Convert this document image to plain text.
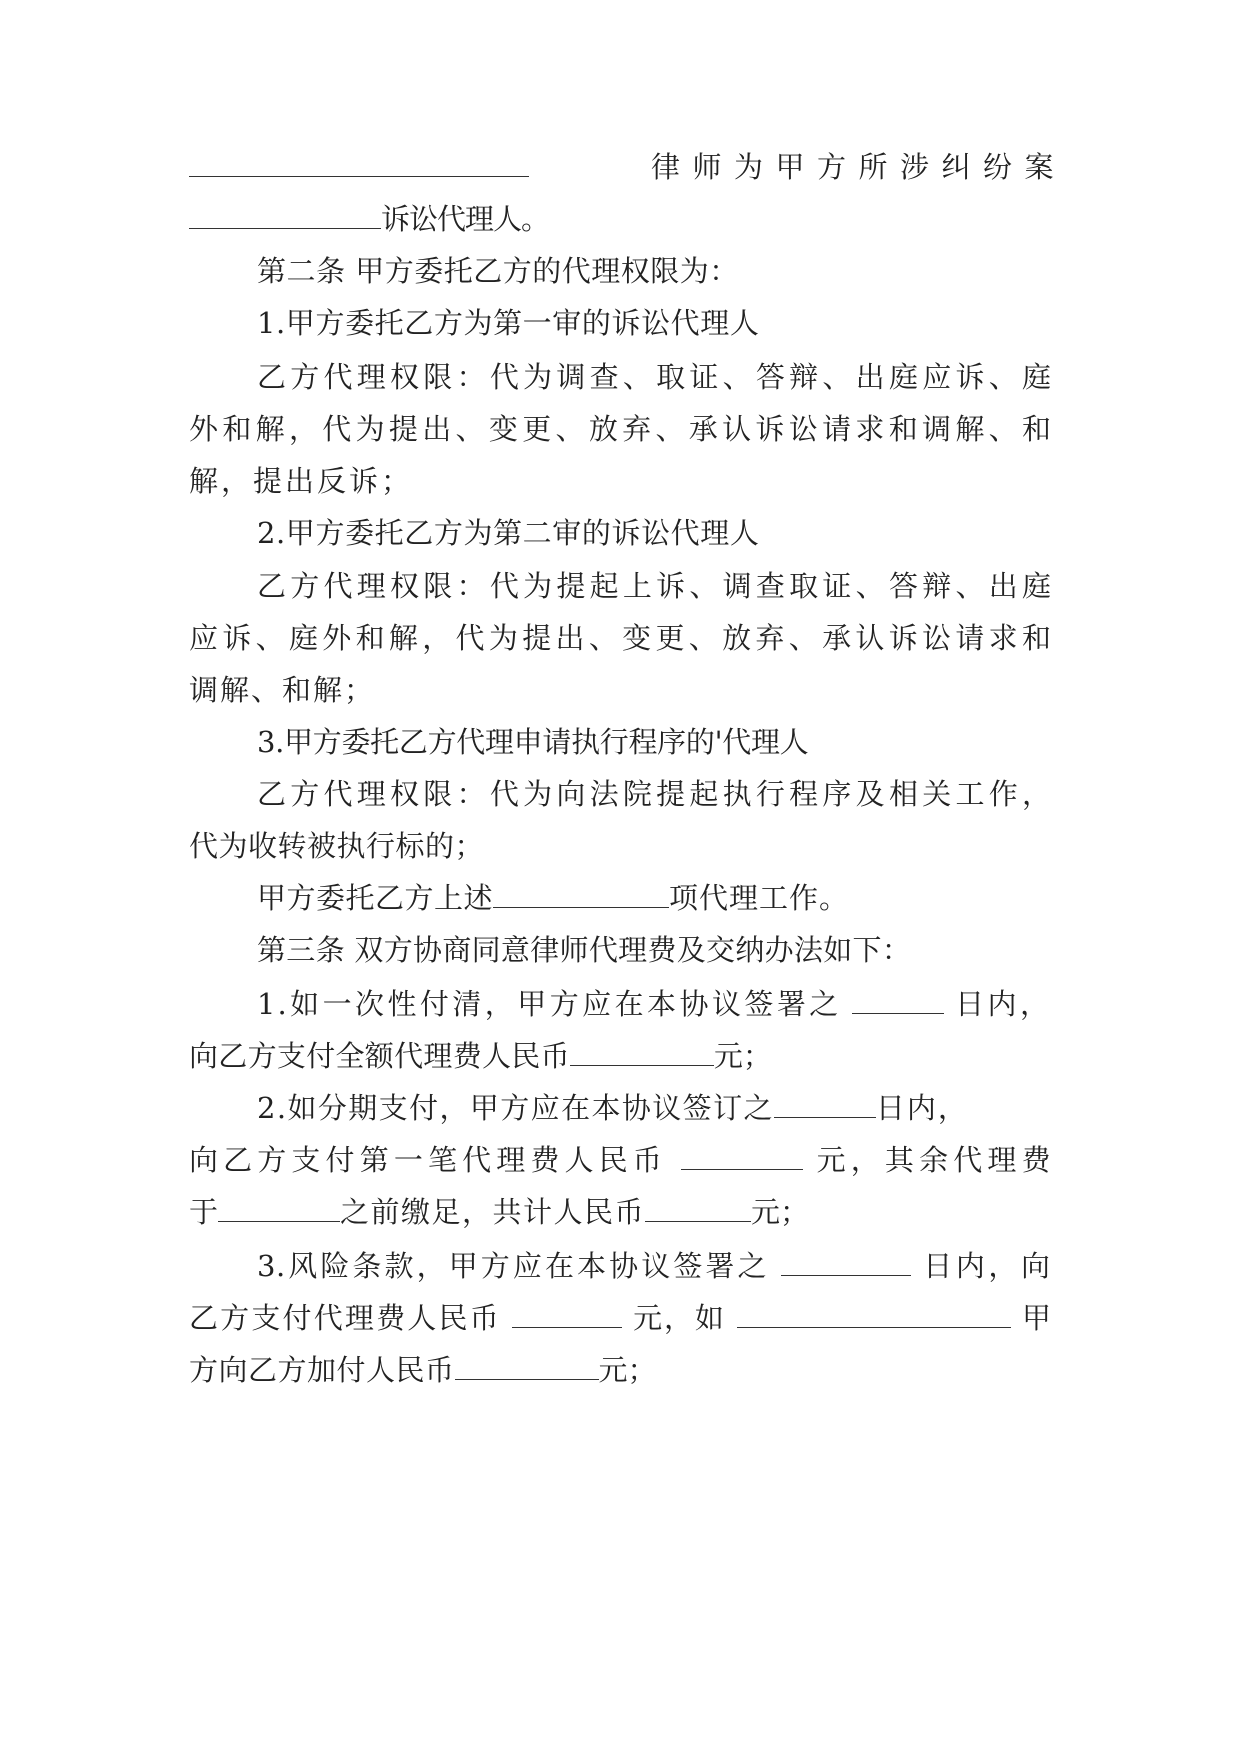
律师为甲方所涉纠纷案
诉讼代理人。
第二条 甲方委托乙方的代理权限为：
1.甲方委托乙方为第一审的诉讼代理人
乙方代理权限：代为调查、取证、答辩、出庭应诉、庭
外和解，代为提出、变更、放弃、承认诉讼请求和调解、和
解，提出反诉；
2.甲方委托乙方为第二审的诉讼代理人
乙方代理权限：代为提起上诉、调查取证、答辩、出庭
应诉、庭外和解，代为提出、变更、放弃、承认诉讼请求和
调解、和解；
3.甲方委托乙方代理申请执行程序的'代理人
乙方代理权限：代为向法院提起执行程序及相关工作，
代为收转被执行标的；
甲方委托乙方上述	项代理工作。
第三条 双方协商同意律师代理费及交纳办法如下：
1.如一次性付清，甲方应在本协议签署之	日内，
向乙方支付全额代理费人民币	元；
2.如分期支付，甲方应在本协议签订之	日内，
向乙方支付第一笔代理费人民币	元，其余代理费
于	之前缴足，共计人民币	元；
3.风险条款，甲方应在本协议签署之	日内，向
乙方支付代理费人民币	元，如	甲
方向乙方加付人民币	元；
